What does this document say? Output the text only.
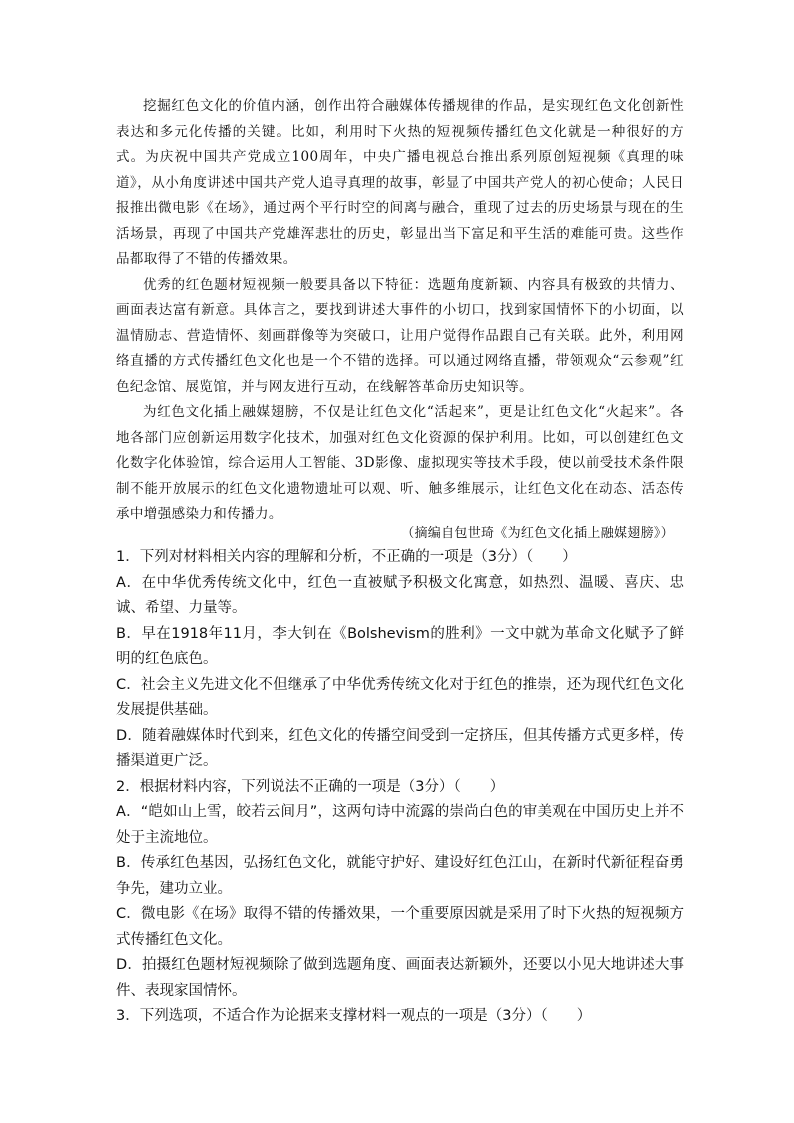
挖掘红色文化的价值内涵，创作出符合融媒体传播规律的作品，是实现红色文化创新性表达和多元化传播的关键。比如，利用时下火热的短视频传播红色文化就是一种很好的方式。为庆祝中国共产党成立100周年，中央广播电视总台推出系列原创短视频《真理的味道》，从小角度讲述中国共产党人追寻真理的故事，彰显了中国共产党人的初心使命；人民日报推出微电影《在场》，通过两个平行时空的间离与融合，重现了过去的历史场景与现在的生活场景，再现了中国共产党雄浑悲壮的历史，彰显出当下富足和平生活的难能可贵。这些作品都取得了不错的传播效果。

优秀的红色题材短视频一般要具备以下特征：选题角度新颖、内容具有极致的共情力、画面表达富有新意。具体言之，要找到讲述大事件的小切口，找到家国情怀下的小切面，以温情励志、营造情怀、刻画群像等为突破口，让用户觉得作品跟自己有关联。此外，利用网络直播的方式传播红色文化也是一个不错的选择。可以通过网络直播，带领观众“云参观”红色纪念馆、展览馆，并与网友进行互动，在线解答革命历史知识等。

为红色文化插上融媒翅膀，不仅是让红色文化“活起来”，更是让红色文化“火起来”。各地各部门应创新运用数字化技术，加强对红色文化资源的保护利用。比如，可以创建红色文化数字化体验馆，综合运用人工智能、3D影像、虚拟现实等技术手段，使以前受技术条件限制不能开放展示的红色文化遗物遗址可以观、听、触多维展示，让红色文化在动态、活态传承中增强感染力和传播力。

（摘编自包世琦《为红色文化插上融媒翅膀》）

1．下列对材料相关内容的理解和分析，不正确的一项是（3分）（　　）

A．在中华优秀传统文化中，红色一直被赋予积极文化寓意，如热烈、温暖、喜庆、忠诚、希望、力量等。

B．早在1918年11月，李大钊在《Bolshevism的胜利》一文中就为革命文化赋予了鲜明的红色底色。

C．社会主义先进文化不但继承了中华优秀传统文化对于红色的推崇，还为现代红色文化发展提供基础。

D．随着融媒体时代到来，红色文化的传播空间受到一定挤压，但其传播方式更多样，传播渠道更广泛。

2．根据材料内容，下列说法不正确的一项是（3分）（　　）

A．“皑如山上雪，皎若云间月”，这两句诗中流露的崇尚白色的审美观在中国历史上并不处于主流地位。

B．传承红色基因，弘扬红色文化，就能守护好、建设好红色江山，在新时代新征程奋勇争先，建功立业。

C．微电影《在场》取得不错的传播效果，一个重要原因就是采用了时下火热的短视频方式传播红色文化。

D．拍摄红色题材短视频除了做到选题角度、画面表达新颖外，还要以小见大地讲述大事件、表现家国情怀。

3．下列选项，不适合作为论据来支撑材料一观点的一项是（3分）（　　）
